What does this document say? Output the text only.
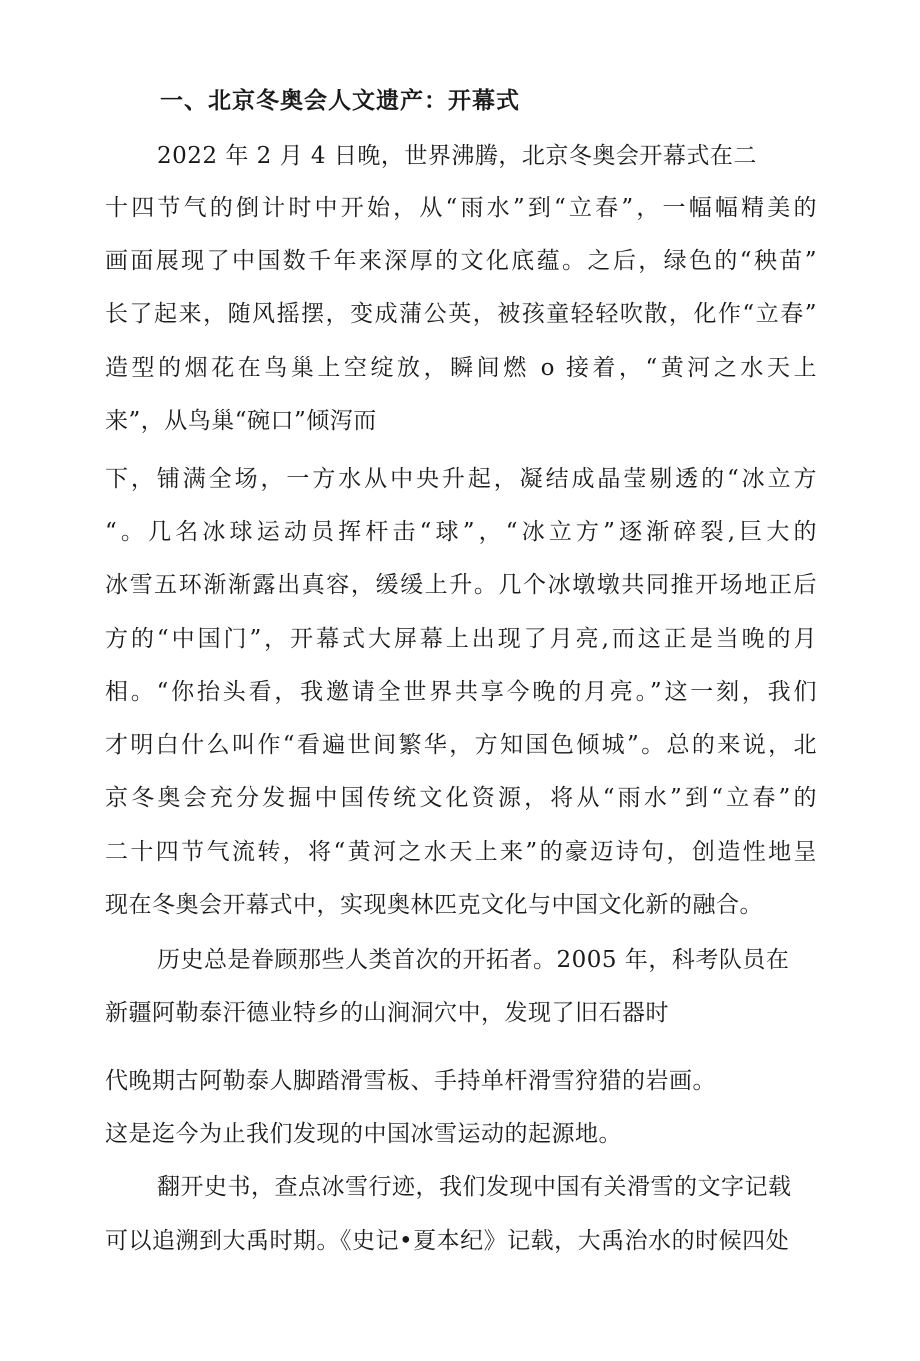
一、北京冬奥会人文遗产：开幕式
2022 年 2 月 4 日晚，世界沸腾，北京冬奥会开幕式在二
十四节气的倒计时中开始，从“雨水”到“立春”，一幅幅精美的
画面展现了中国数千年来深厚的文化底蕴。之后，绿色的“秧苗”
长了起来，随风摇摆，变成蒲公英，被孩童轻轻吹散，化作“立春”
造型的烟花在鸟巢上空绽放，瞬间燃 o 接着，“黄河之水天上
来”，从鸟巢“碗口”倾泻而
下，铺满全场，一方水从中央升起，凝结成晶莹剔透的“冰立方
“。几名冰球运动员挥杆击“球”，“冰立方”逐渐碎裂,巨大的
冰雪五环渐渐露出真容，缓缓上升。几个冰墩墩共同推开场地正后
方的“中国门”，开幕式大屏幕上出现了月亮,而这正是当晚的月
相。“你抬头看，我邀请全世界共享今晚的月亮。”这一刻，我们
才明白什么叫作“看遍世间繁华，方知国色倾城”。总的来说，北
京冬奥会充分发掘中国传统文化资源，将从“雨水”到“立春”的
二十四节气流转，将“黄河之水天上来”的豪迈诗句，创造性地呈
现在冬奥会开幕式中，实现奥林匹克文化与中国文化新的融合。
历史总是眷顾那些人类首次的开拓者。2005 年，科考队员在
新疆阿勒泰汗德业特乡的山涧洞穴中，发现了旧石器时
代晚期古阿勒泰人脚踏滑雪板、手持单杆滑雪狩猎的岩画。
这是迄今为止我们发现的中国冰雪运动的起源地。
翻开史书，查点冰雪行迹，我们发现中国有关滑雪的文字记载
可以追溯到大禹时期。《史记•夏本纪》记载，大禹治水的时候四处
